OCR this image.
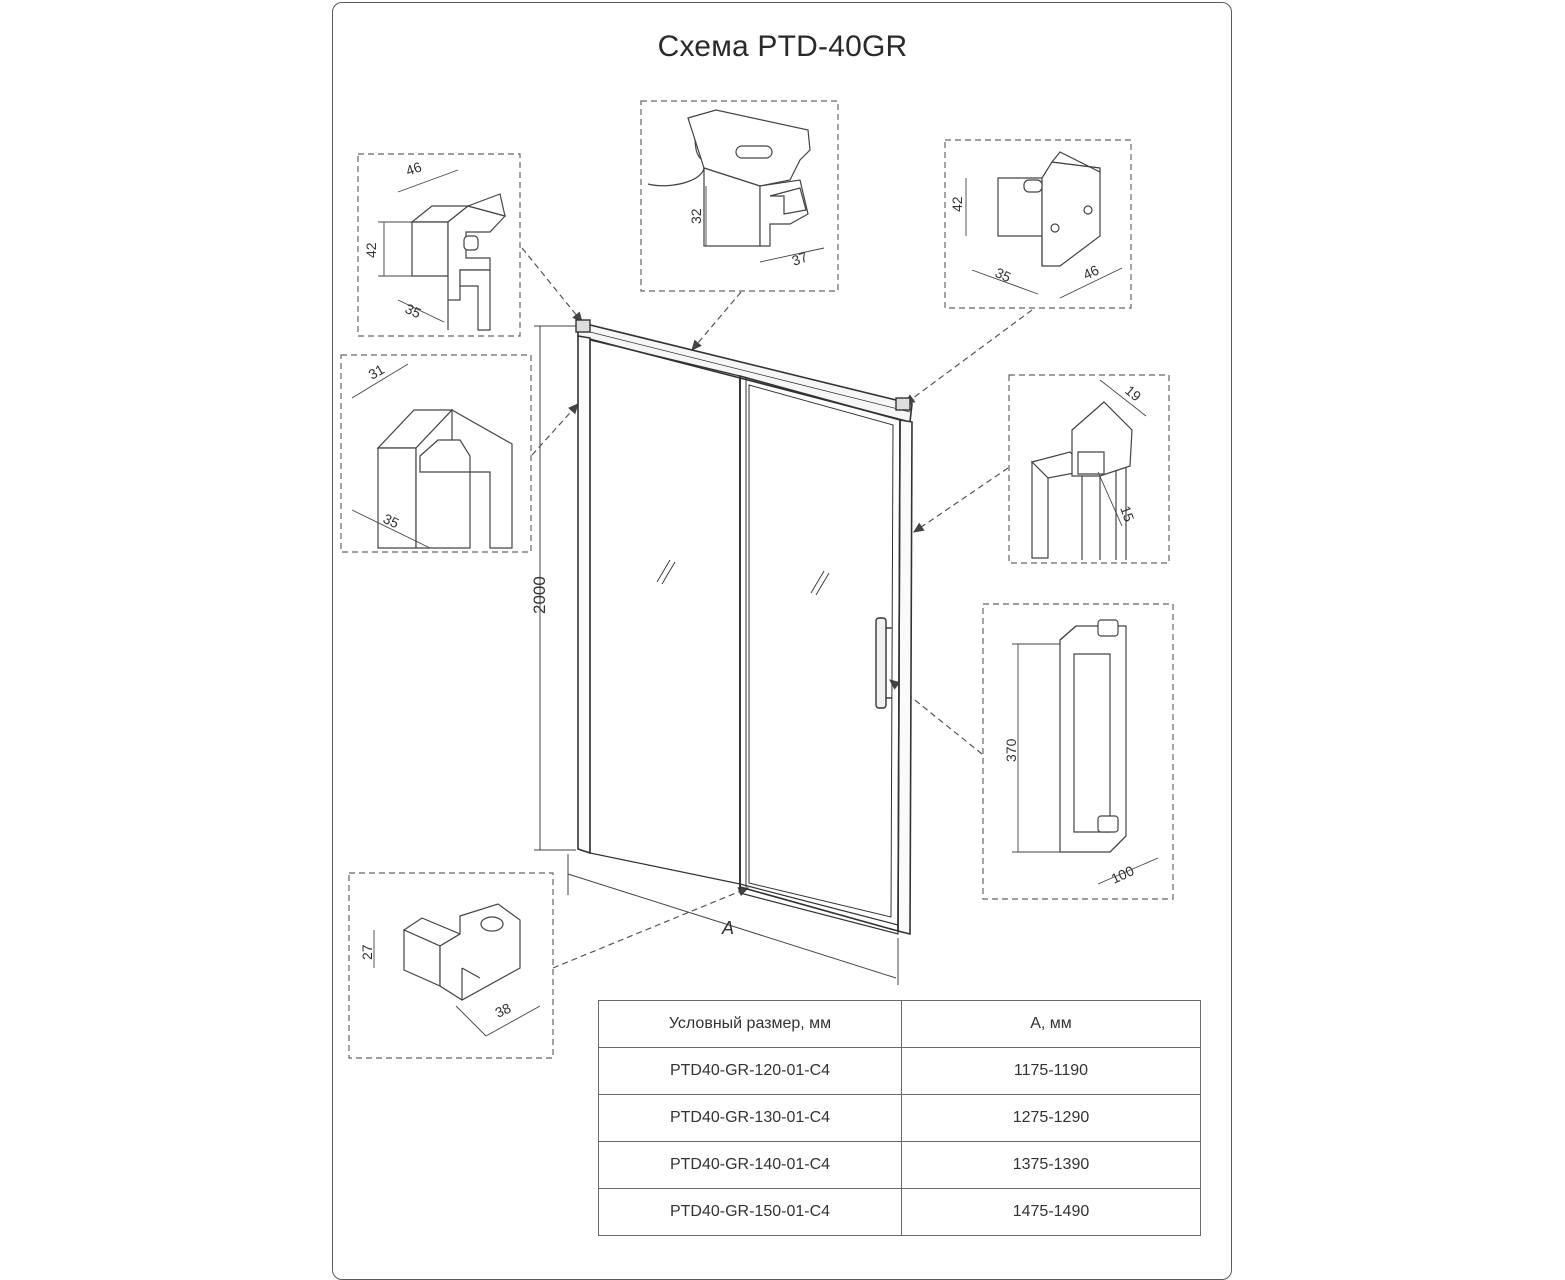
Схема PTD-40GR
2000
A
46
42
35
32
37
42
35	46
31
35
19
15
370
100
27
38
Условный размер, мм	А, мм
PTD40-GR-120-01-C4	1175-1190
PTD40-GR-130-01-C4	1275-1290
PTD40-GR-140-01-C4	1375-1390
PTD40-GR-150-01-C4	1475-1490
